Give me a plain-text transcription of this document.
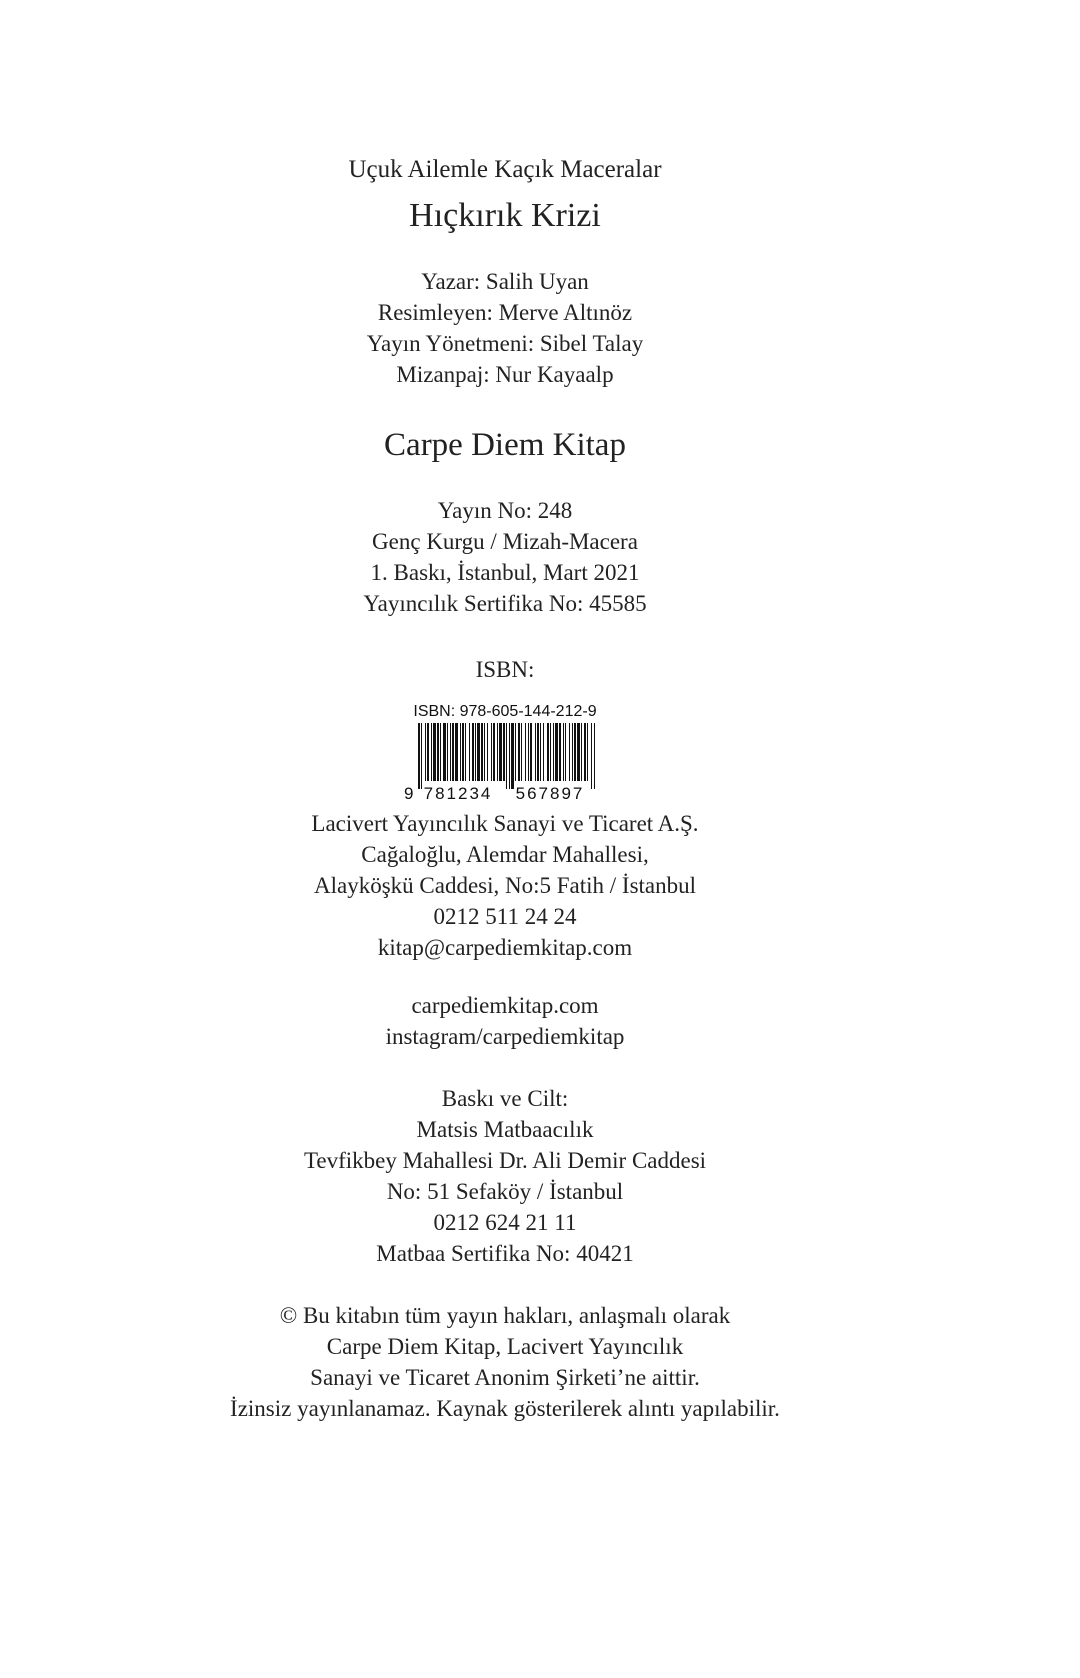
Uçuk Ailemle Kaçık Maceralar
Hıçkırık Krizi
Yazar: Salih Uyan
Resimleyen: Merve Altınöz
Yayın Yönetmeni: Sibel Talay
Mizanpaj: Nur Kayaalp
Carpe Diem Kitap
Yayın No: 248
Genç Kurgu / Mizah-Macera
1. Baskı, İstanbul, Mart 2021
Yayıncılık Sertifika No: 45585
ISBN:
ISBN: 978-605-144-212-9
9 781234 567897
Lacivert Yayıncılık Sanayi ve Ticaret A.Ş.
Cağaloğlu, Alemdar Mahallesi,
Alayköşkü Caddesi, No:5 Fatih / İstanbul
0212 511 24 24
kitap@carpediemkitap.com
carpediemkitap.com
instagram/carpediemkitap
Baskı ve Cilt:
Matsis Matbaacılık
Tevfikbey Mahallesi Dr. Ali Demir Caddesi
No: 51 Sefaköy / İstanbul
0212 624 21 11
Matbaa Sertifika No: 40421
© Bu kitabın tüm yayın hakları, anlaşmalı olarak
Carpe Diem Kitap, Lacivert Yayıncılık
Sanayi ve Ticaret Anonim Şirketi’ne aittir.
İzinsiz yayınlanamaz. Kaynak gösterilerek alıntı yapılabilir.
